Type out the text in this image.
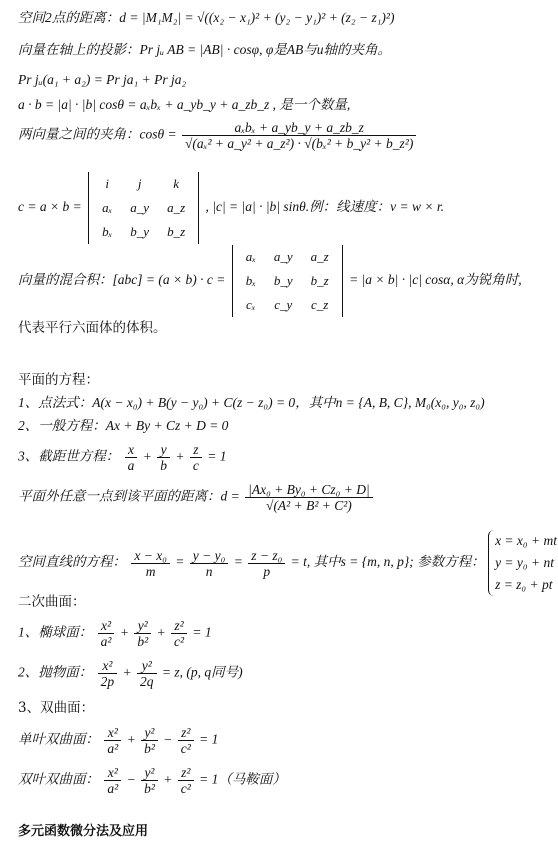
空间2点的距离：d = |M₁M₂| = √((x₂ − x₁)² + (y₂ − y₁)² + (z₂ − z₁)²)
向量在轴上的投影：Pr jᵤ AB = |AB| · cosφ, φ是AB与u轴的夹角。
Pr jᵤ(a₁ + a₂) = Pr ja₁ + Pr ja₂
a · b = |a| · |b| cosθ = aₓbₓ + a_yb_y + a_zb_z , 是一个数量,
两向量之间的夹角：$\cos\theta = \frac{\text{aₓbₓ + a\_yb\_y + a\_zb\_z}}{\text{√(aₓ² + a\_y² + a\_z²) · √(bₓ² + b\_y² + b\_z²)}}$
c = a × b =
i	j	k
aₓ	a_y	a_z
bₓ	b_y	b_z
, |c| = |a| · |b| sinθ.例：线速度：v = w × r.
向量的混合积：[abc] = (a × b) · c =
aₓ	a_y	a_z
bₓ	b_y	b_z
cₓ	c_y	c_z
= |a × b| · |c| cosα, α为锐角时,
代表平行六面体的体积。
平面的方程：
1、点法式：A(x − x₀) + B(y − y₀) + C(z − z₀) = 0，其中n = {A, B, C}, M₀(x₀, y₀, z₀)
2、一般方程：Ax + By + Cz + D = 0
3、截距世方程： $\frac{x}{a} + \frac{y}{b} + \frac{z}{c} = 1$
平面外任意一点到该平面的距离：$d = \frac{\text{|Ax₀ + By₀ + Cz₀ + D|}}{\text{√(A² + B² + C²)}}$
空间直线的方程： $\frac{\text{x − x₀}}{m} = \frac{\text{y − y₀}}{n} = \frac{\text{z − z₀}}{p} = t$, 其中s = {m, n, p}; 参数方程：
x = x₀ + mt
y = y₀ + nt
z = z₀ + pt
二次曲面：
1、椭球面： $\frac{\text{x²}}{\text{a²}} + \frac{\text{y²}}{\text{b²}} + \frac{\text{z²}}{\text{c²}} = 1$
2、抛物面： $\frac{\text{x²}}{2p} + \frac{\text{y²}}{2q} = z$, (p, q同号)
3、双曲面：
单叶双曲面： $\frac{\text{x²}}{\text{a²}} + \frac{\text{y²}}{\text{b²}} - \frac{\text{z²}}{\text{c²}} = 1$
双叶双曲面： $\frac{\text{x²}}{\text{a²}} - \frac{\text{y²}}{\text{b²}} + \frac{\text{z²}}{\text{c²}} = 1$（马鞍面）
多元函数微分法及应用
